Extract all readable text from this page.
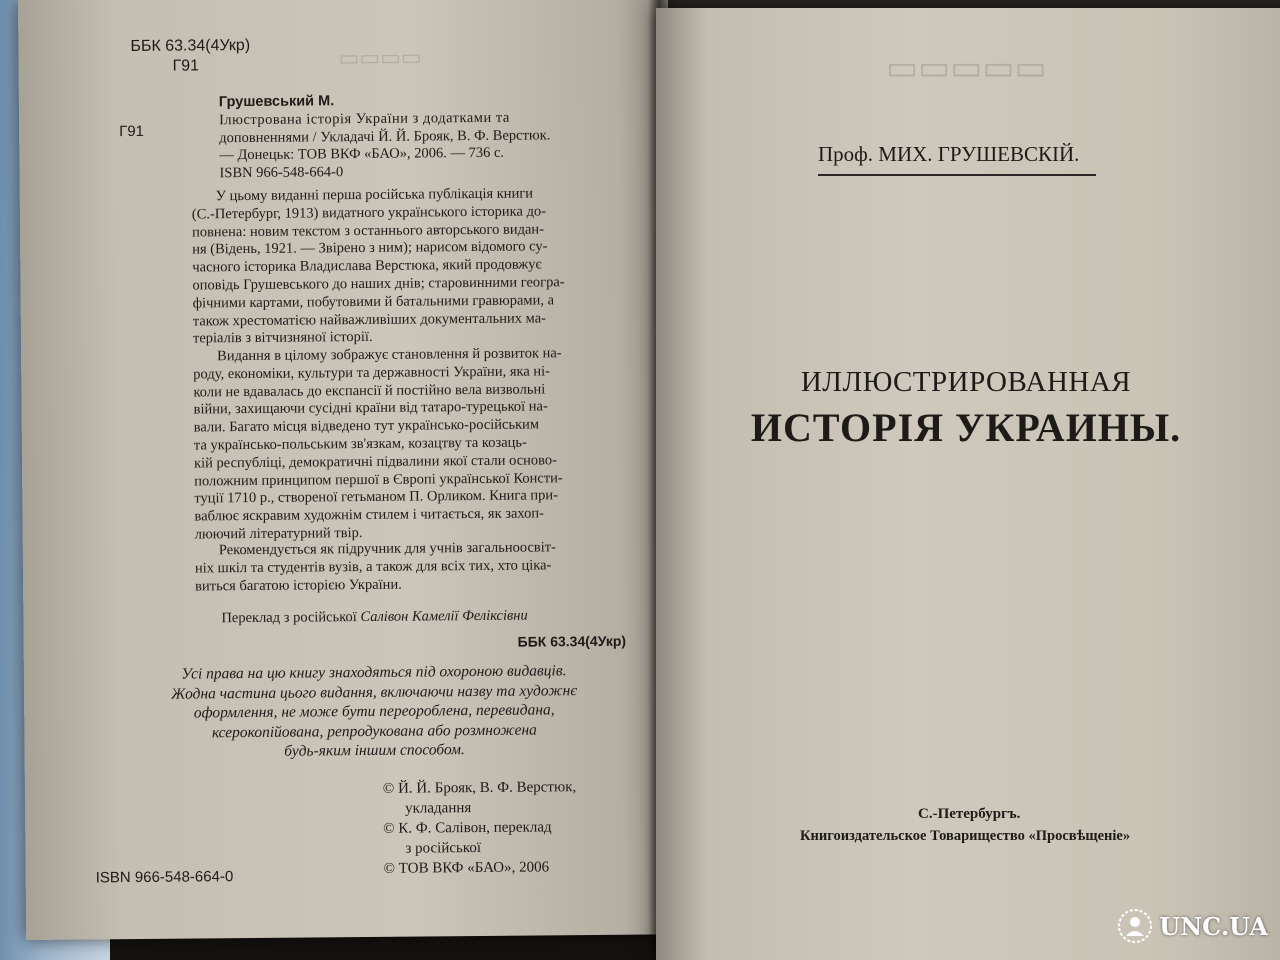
▭▭▭▭
ББК 63.34(4Укр)
Г91
Г91
Грушевський М.
Ілюстрована історія України з додатками та
доповненнями / Укладачі Й. Й. Брояк, В. Ф. Верстюк.
— Донецьк: ТОВ ВКФ «БАО», 2006. — 736 с.
ISBN 966-548-664-0
У цьому виданні перша російська публікація книги
(С.-Петербург, 1913) видатного українського історика до-
повнена: новим текстом з останнього авторського видан-
ня (Відень, 1921. — Звірено з ним); нарисом відомого су-
часного історика Владислава Верстюка, який продовжує
оповідь Грушевського до наших днів; старовинними геогра-
фічними картами, побутовими й батальними гравюрами, а
також хрестоматією найважливіших документальних ма-
теріалів з вітчизняної історії.
Видання в цілому зображує становлення й розвиток на-
роду, економіки, культури та державності України, яка ні-
коли не вдавалась до експансії й постійно вела визвольні
війни, захищаючи сусідні країни від татаро-турецької на-
вали. Багато місця відведено тут українсько-російським
та українсько-польським зв'язкам, козацтву та козаць-
кій республіці, демократичні підвалини якої стали осново-
положним принципом першої в Європі української Консти-
туції 1710 р., створеної гетьманом П. Орликом. Книга при-
ваблює яскравим художнім стилем і читається, як захоп-
люючий літературний твір.
Рекомендується як підручник для учнів загальноосвіт-
ніх шкіл та студентів вузів, а також для всіх тих, хто ціка-
виться багатою історією України.
Переклад з російської Салівон Камелії Феліксівни
ББК 63.34(4Укр)
Усі права на цю книгу знаходяться під охороною видавців.
Жодна частина цього видання, включаючи назву та художнє
оформлення, не може бути переороблена, перевидана,
ксерокопійована, репродукована або розмножена
будь-яким іншим способом.
© Й. Й. Брояк, В. Ф. Верстюк,
укладання
© К. Ф. Салівон, переклад
з російської
© ТОВ ВКФ «БАО», 2006
ISBN 966-548-664-0
▭▭▭▭▭
Проф. МИХ. ГРУШЕВСКІЙ.
ИЛЛЮСТРИРОВАННАЯ
ИСТОРІЯ УКРАИНЫ.
С.-Петербургъ.
Книгоиздательское Товарищество «Просвѣщеніе»
UNC.UA
